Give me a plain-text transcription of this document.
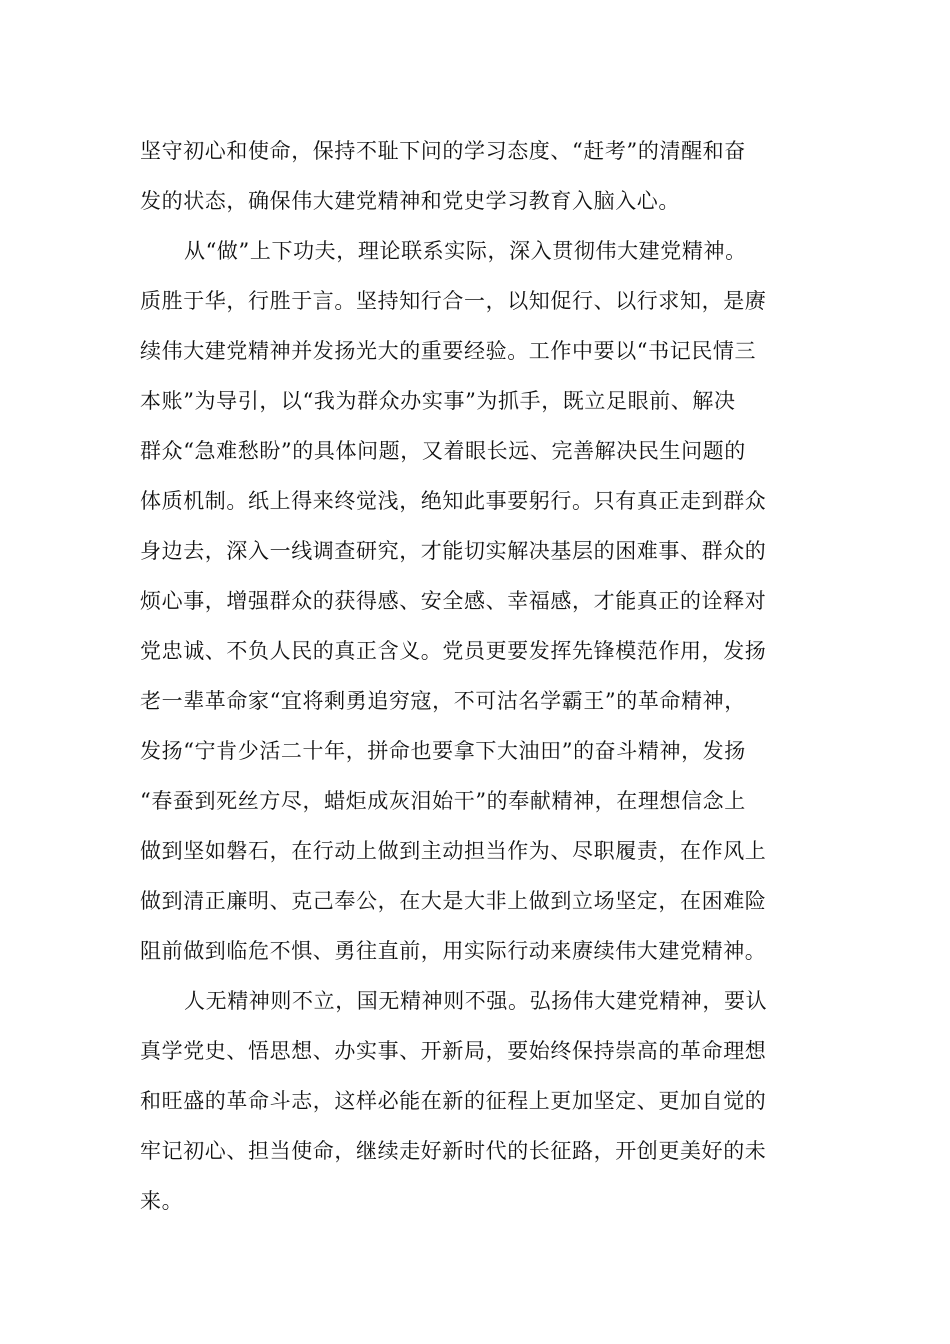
坚守初心和使命，保持不耻下问的学习态度、“赶考”的清醒和奋
发的状态，确保伟大建党精神和党史学习教育入脑入心。
从“做”上下功夫，理论联系实际，深入贯彻伟大建党精神。
质胜于华，行胜于言。坚持知行合一，以知促行、以行求知，是赓
续伟大建党精神并发扬光大的重要经验。工作中要以“书记民情三
本账”为导引，以“我为群众办实事”为抓手，既立足眼前、解决
群众“急难愁盼”的具体问题，又着眼长远、完善解决民生问题的
体质机制。纸上得来终觉浅，绝知此事要躬行。只有真正走到群众
身边去，深入一线调查研究，才能切实解决基层的困难事、群众的
烦心事，增强群众的获得感、安全感、幸福感，才能真正的诠释对
党忠诚、不负人民的真正含义。党员更要发挥先锋模范作用，发扬
老一辈革命家“宜将剩勇追穷寇，不可沽名学霸王”的革命精神，
发扬“宁肯少活二十年，拼命也要拿下大油田”的奋斗精神，发扬
“春蚕到死丝方尽，蜡炬成灰泪始干”的奉献精神，在理想信念上
做到坚如磐石，在行动上做到主动担当作为、尽职履责，在作风上
做到清正廉明、克己奉公，在大是大非上做到立场坚定，在困难险
阻前做到临危不惧、勇往直前，用实际行动来赓续伟大建党精神。
人无精神则不立，国无精神则不强。弘扬伟大建党精神，要认
真学党史、悟思想、办实事、开新局，要始终保持崇高的革命理想
和旺盛的革命斗志，这样必能在新的征程上更加坚定、更加自觉的
牢记初心、担当使命，继续走好新时代的长征路，开创更美好的未
来。
